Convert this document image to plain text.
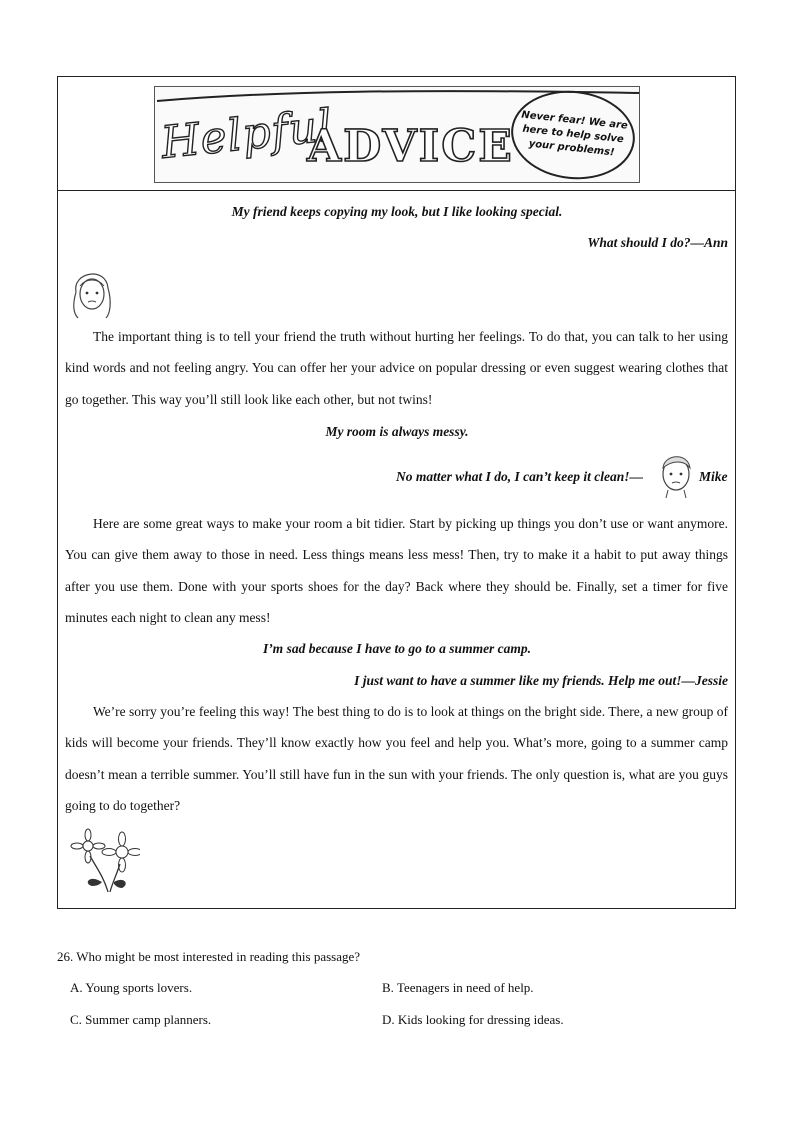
Helpful
ADVICE
Never fear! We are here to help solve your problems!
My friend keeps copying my look, but I like looking special.
What should I do?—Ann

The important thing is to tell your friend the truth without hurting her feelings. To do that, you can talk to her using kind words and not feeling angry. You can offer her your advice on popular dressing or even suggest wearing clothes that go together. This way you’ll still look like each other, but not twins!

My room is always messy.
No matter what I do, I can’t keep it clean!—	Mike

Here are some great ways to make your room a bit tidier. Start by picking up things you don’t use or want anymore. You can give them away to those in need. Less things means less mess! Then, try to make it a habit to put away things after you use them. Done with your sports shoes for the day? Back where they should be. Finally, set a timer for five minutes each night to clean any mess!

I’m sad because I have to go to a summer camp.
I just want to have a summer like my friends. Help me out!—Jessie

We’re sorry you’re feeling this way! The best thing to do is to look at things on the bright side. There, a new group of kids will become your friends. They’ll know exactly how you feel and help you. What’s more, going to a summer camp doesn’t mean a terrible summer. You’ll still have fun in the sun with your friends. The only question is, what are you guys going to do together?

26. Who might be most interested in reading this passage?
A. Young sports lovers.	B. Teenagers in need of help.
C. Summer camp planners.	D. Kids looking for dressing ideas.
